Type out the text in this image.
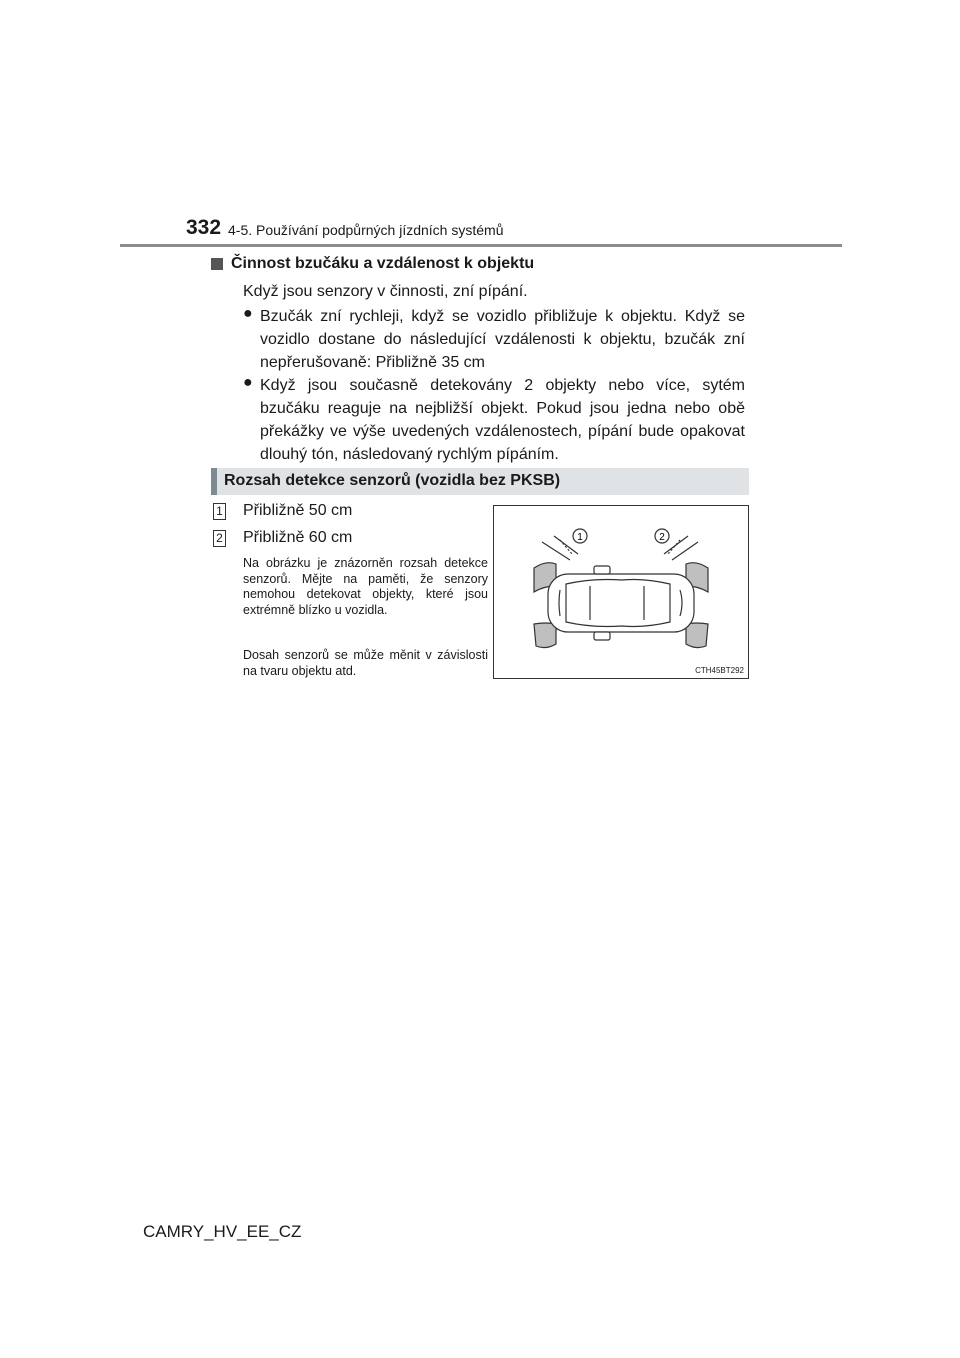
332 4-5. Používání podpůrných jízdních systémů
Činnost bzučáku a vzdálenost k objektu
Když jsou senzory v činnosti, zní pípání.
● Bzučák zní rychleji, když se vozidlo přibližuje k objektu. Když se vozidlo dostane do následující vzdálenosti k objektu, bzučák zní nepřerušovaně: Přibližně 35 cm
● Když jsou současně detekovány 2 objekty nebo více, sytém bzučáku reaguje na nejbližší objekt. Pokud jsou jedna nebo obě překážky ve výše uvedených vzdálenostech, pípání bude opakovat dlouhý tón, následovaný rychlým pípáním.
Rozsah detekce senzorů (vozidla bez PKSB)
1 Přibližně 50 cm
2 Přibližně 60 cm
Na obrázku je znázorněn rozsah detekce senzorů. Mějte na paměti, že senzory nemohou detekovat objekty, které jsou extrémně blízko u vozidla.
Dosah senzorů se může měnit v závislosti na tvaru objektu atd.
1	2
CTH45BT292
CAMRY_HV_EE_CZ
